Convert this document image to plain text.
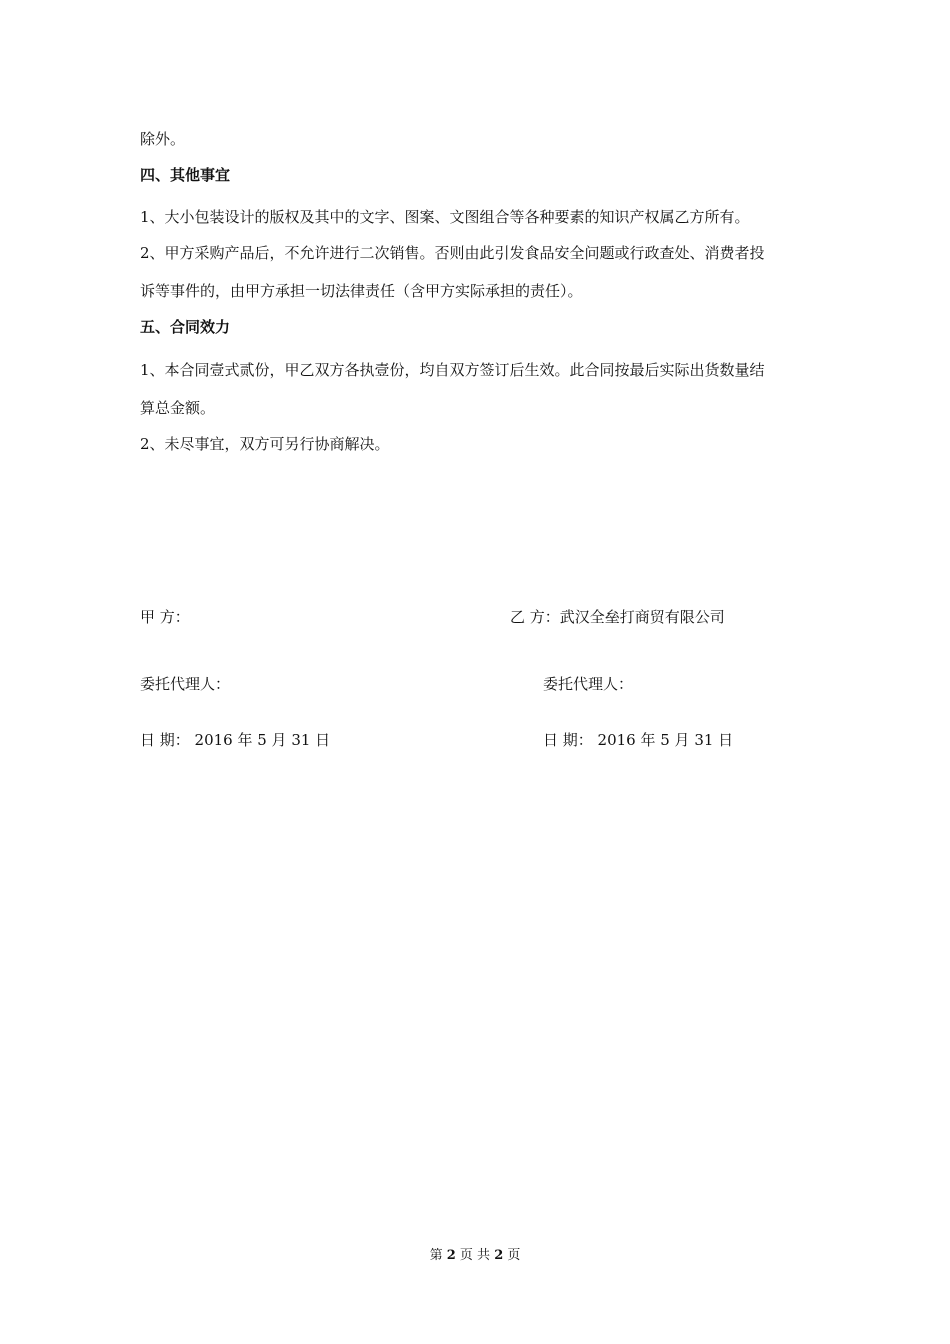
除外。
四、其他事宜
1、大小包装设计的版权及其中的文字、图案、文图组合等各种要素的知识产权属乙方所有。
2、甲方采购产品后，不允许进行二次销售。否则由此引发食品安全问题或行政查处、消费者投
诉等事件的，由甲方承担一切法律责任（含甲方实际承担的责任）。
五、合同效力
1、本合同壹式贰份，甲乙双方各执壹份，均自双方签订后生效。此合同按最后实际出货数量结
算总金额。
2、未尽事宜，双方可另行协商解决。
甲 方：
委托代理人：
日 期： 2016 年 5 月 31 日
乙 方：武汉全垒打商贸有限公司
委托代理人：
日 期： 2016 年 5 月 31 日
第 2 页 共 2 页
